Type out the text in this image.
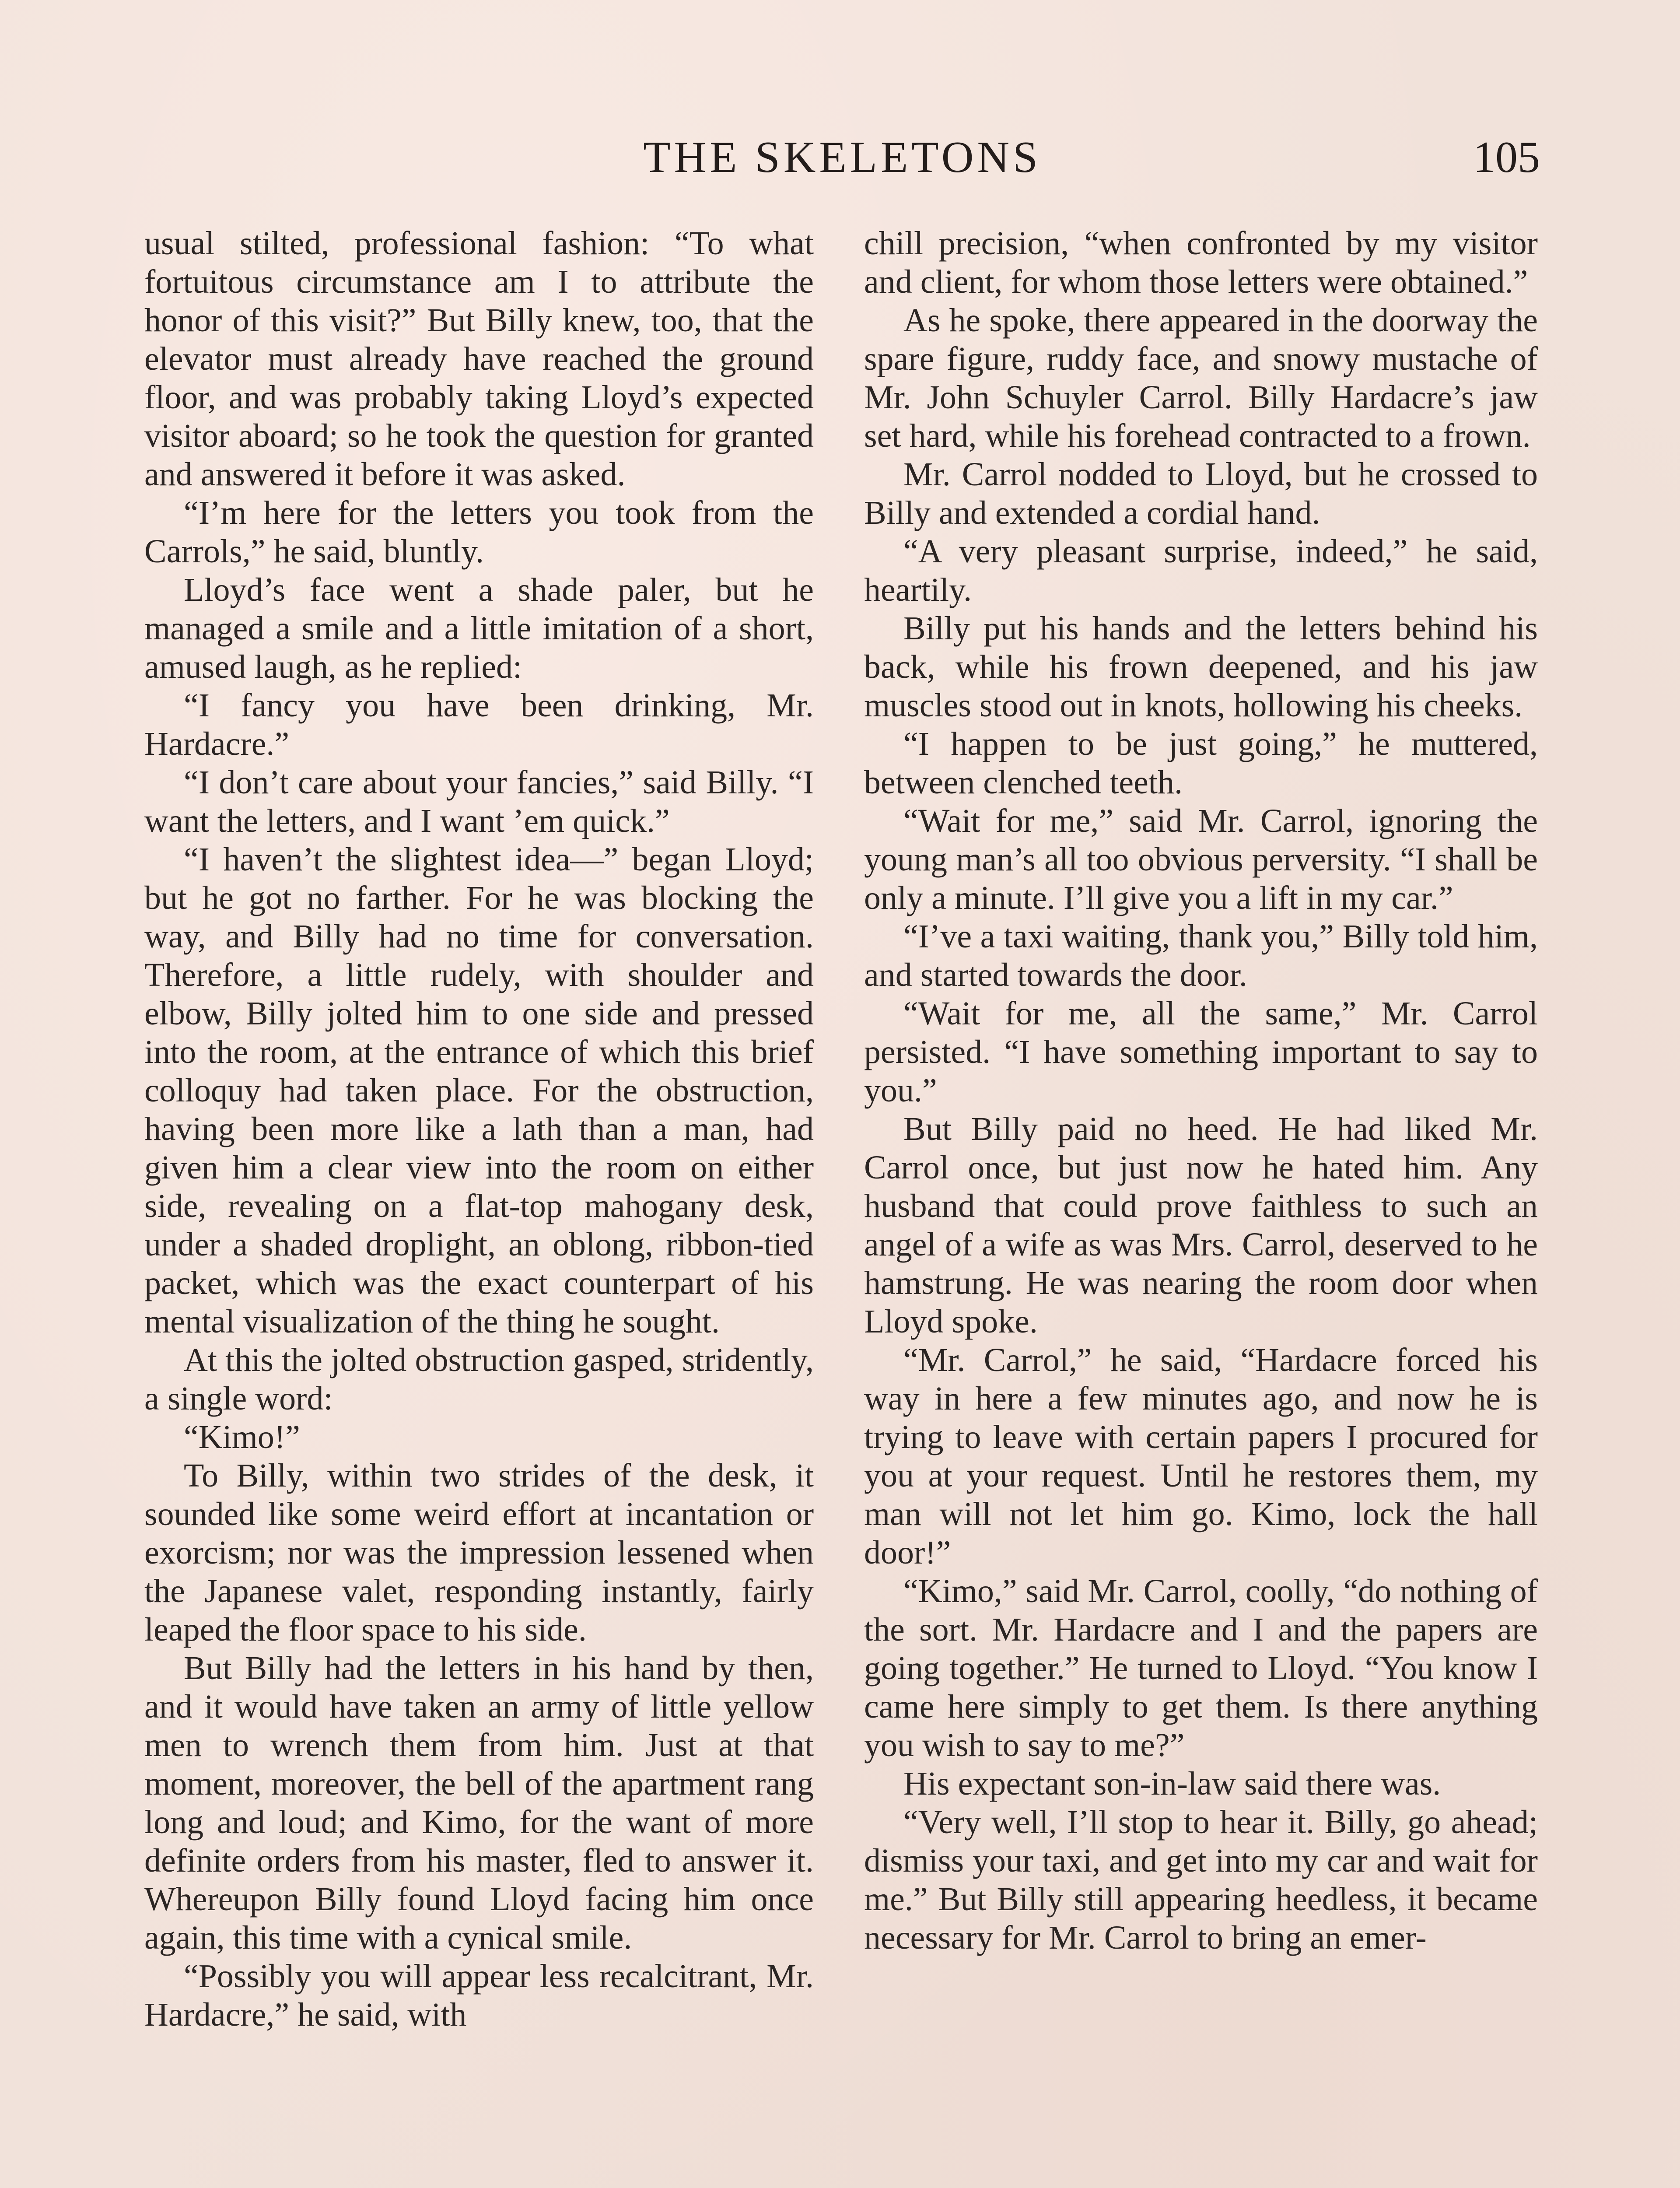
THE SKELETONS	105

usual stilted, professional fashion: “To what fortuitous circumstance am I to attribute the honor of this visit?” But Billy knew, too, that the elevator must already have reached the ground floor, and was probably taking Lloyd’s expected visitor aboard; so he took the question for granted and answered it before it was asked.

“I’m here for the letters you took from the Carrols,” he said, bluntly.

Lloyd’s face went a shade paler, but he managed a smile and a little imitation of a short, amused laugh, as he replied:

“I fancy you have been drinking, Mr. Hardacre.”

“I don’t care about your fancies,” said Billy. “I want the letters, and I want ’em quick.”

“I haven’t the slightest idea—” began Lloyd; but he got no farther. For he was blocking the way, and Billy had no time for conversation. Therefore, a little rudely, with shoulder and elbow, Billy jolted him to one side and pressed into the room, at the entrance of which this brief colloquy had taken place. For the obstruction, having been more like a lath than a man, had given him a clear view into the room on either side, revealing on a flat-top mahogany desk, under a shaded droplight, an oblong, ribbon-tied packet, which was the exact counterpart of his mental visualization of the thing he sought.

At this the jolted obstruction gasped, stridently, a single word:

“Kimo!”

To Billy, within two strides of the desk, it sounded like some weird effort at incantation or exorcism; nor was the impression lessened when the Japanese valet, responding instantly, fairly leaped the floor space to his side.

But Billy had the letters in his hand by then, and it would have taken an army of little yellow men to wrench them from him. Just at that moment, moreover, the bell of the apartment rang long and loud; and Kimo, for the want of more definite orders from his master, fled to answer it. Whereupon Billy found Lloyd facing him once again, this time with a cynical smile.

“Possibly you will appear less recalcitrant, Mr. Hardacre,” he said, with

chill precision, “when confronted by my visitor and client, for whom those letters were obtained.”

As he spoke, there appeared in the doorway the spare figure, ruddy face, and snowy mustache of Mr. John Schuyler Carrol. Billy Hardacre’s jaw set hard, while his forehead contracted to a frown.

Mr. Carrol nodded to Lloyd, but he crossed to Billy and extended a cordial hand.

“A very pleasant surprise, indeed,” he said, heartily.

Billy put his hands and the letters behind his back, while his frown deepened, and his jaw muscles stood out in knots, hollowing his cheeks.

“I happen to be just going,” he muttered, between clenched teeth.

“Wait for me,” said Mr. Carrol, ignoring the young man’s all too obvious perversity. “I shall be only a minute. I’ll give you a lift in my car.”

“I’ve a taxi waiting, thank you,” Billy told him, and started towards the door.

“Wait for me, all the same,” Mr. Carrol persisted. “I have something important to say to you.”

But Billy paid no heed. He had liked Mr. Carrol once, but just now he hated him. Any husband that could prove faithless to such an angel of a wife as was Mrs. Carrol, deserved to he hamstrung. He was nearing the room door when Lloyd spoke.

“Mr. Carrol,” he said, “Hardacre forced his way in here a few minutes ago, and now he is trying to leave with certain papers I procured for you at your request. Until he restores them, my man will not let him go. Kimo, lock the hall door!”

“Kimo,” said Mr. Carrol, coolly, “do nothing of the sort. Mr. Hardacre and I and the papers are going together.” He turned to Lloyd. “You know I came here simply to get them. Is there anything you wish to say to me?”

His expectant son-in-law said there was.

“Very well, I’ll stop to hear it. Billy, go ahead; dismiss your taxi, and get into my car and wait for me.” But Billy still appearing heedless, it became necessary for Mr. Carrol to bring an emer-
